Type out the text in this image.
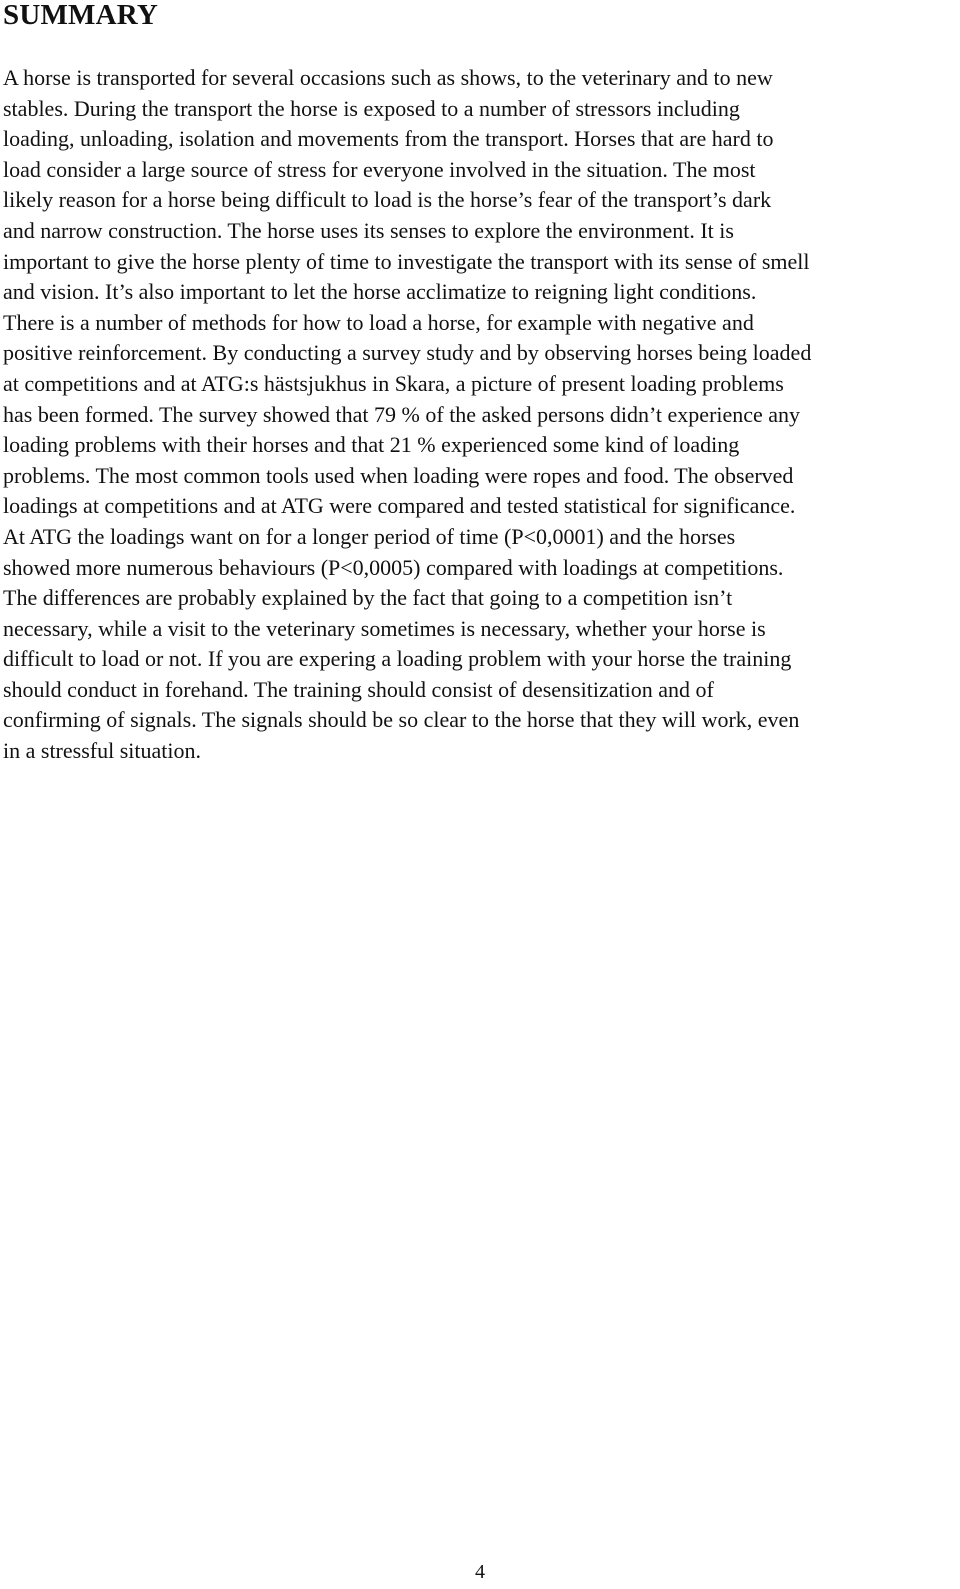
SUMMARY
A horse is transported for several occasions such as shows, to the veterinary and to new
stables. During the transport the horse is exposed to a number of stressors including
loading, unloading, isolation and movements from the transport. Horses that are hard to
load consider a large source of stress for everyone involved in the situation. The most
likely reason for a horse being difficult to load is the horse’s fear of the transport’s dark
and narrow construction. The horse uses its senses to explore the environment. It is
important to give the horse plenty of time to investigate the transport with its sense of smell
and vision. It’s also important to let the horse acclimatize to reigning light conditions.
There is a number of methods for how to load a horse, for example with negative and
positive reinforcement. By conducting a survey study and by observing horses being loaded
at competitions and at ATG:s hästsjukhus in Skara, a picture of present loading problems
has been formed. The survey showed that 79 % of the asked persons didn’t experience any
loading problems with their horses and that 21 % experienced some kind of loading
problems. The most common tools used when loading were ropes and food. The observed
loadings at competitions and at ATG were compared and tested statistical for significance.
At ATG the loadings want on for a longer period of time (P<0,0001) and the horses
showed more numerous behaviours (P<0,0005) compared with loadings at competitions.
The differences are probably explained by the fact that going to a competition isn’t
necessary, while a visit to the veterinary sometimes is necessary, whether your horse is
difficult to load or not. If you are expering a loading problem with your horse the training
should conduct in forehand. The training should consist of desensitization and of
confirming of signals. The signals should be so clear to the horse that they will work, even
in a stressful situation.
4
